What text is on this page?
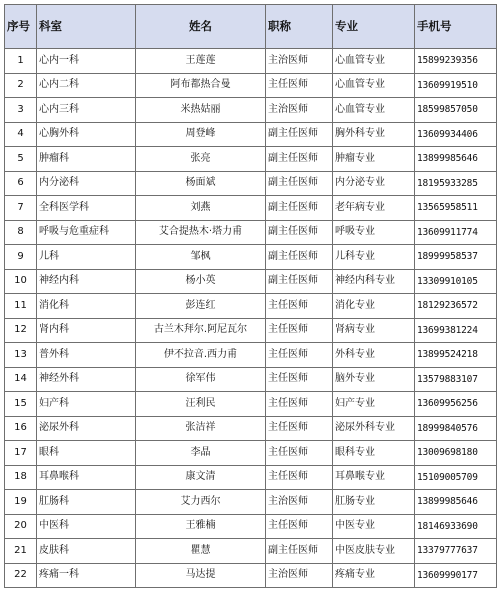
序号	科室	姓名	职称	专业	手机号
1	心内一科	王莲莲	主治医师	心血管专业	15899239356
2	心内二科	阿布都热合曼	主任医师	心血管专业	13609919510
3	心内三科	米热姑丽	主治医师	心血管专业	18599857050
4	心胸外科	周登峰	副主任医师	胸外科专业	13609934406
5	肿瘤科	张亮	副主任医师	肿瘤专业	13899985646
6	内分泌科	杨面斌	副主任医师	内分泌专业	18195933285
7	全科医学科	刘燕	副主任医师	老年病专业	13565958511
8	呼吸与危重症科	艾合提热木·塔力甫	副主任医师	呼吸专业	13609911774
9	儿科	邹枫	副主任医师	儿科专业	18999958537
10	神经内科	杨小英	副主任医师	神经内科专业	13309910105
11	消化科	彭连红	主任医师	消化专业	18129236572
12	肾内科	古兰木拜尔.阿尼瓦尔	主任医师	肾病专业	13699381224
13	普外科	伊不拉音.西力甫	主任医师	外科专业	13899524218
14	神经外科	徐军伟	主任医师	脑外专业	13579883107
15	妇产科	汪利民	主任医师	妇产专业	13609956256
16	泌尿外科	张洁祥	主任医师	泌尿外科专业	18999840576
17	眼科	李晶	主任医师	眼科专业	13009698180
18	耳鼻喉科	康文清	主任医师	耳鼻喉专业	15109005709
19	肛肠科	艾力西尔	主治医师	肛肠专业	13899985646
20	中医科	王雅楠	主任医师	中医专业	18146933690
21	皮肤科	瞿慧	副主任医师	中医皮肤专业	13379777637
22	疼痛一科	马达提	主治医师	疼痛专业	13609990177
